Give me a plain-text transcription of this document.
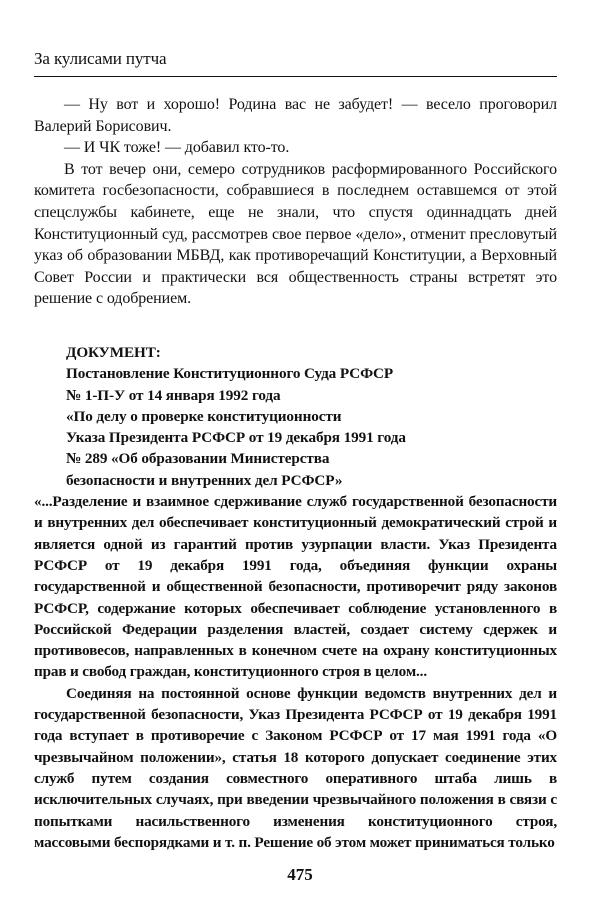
За кулисами путча

— Ну вот и хорошо! Родина вас не забудет! — весело проговорил Валерий Борисович.

— И ЧК тоже! — добавил кто-то.

В тот вечер они, семеро сотрудников расформированного Российского комитета госбезопасности, собравшиеся в последнем оставшемся от этой спецслужбы кабинете, еще не знали, что спустя одиннадцать дней Конституционный суд, рассмотрев свое первое «дело», отменит пресловутый указ об образовании МБВД, как противоречащий Конституции, а Верховный Совет России и практически вся общественность страны встретят это решение с одобрением.

ДОКУМЕНТ:

Постановление Конституционного Суда РСФСР

№ 1-П-У от 14 января 1992 года

«По делу о проверке конституционности

Указа Президента РСФСР от 19 декабря 1991 года

№ 289 «Об образовании Министерства

безопасности и внутренних дел РСФСР»

«...Разделение и взаимное сдерживание служб государственной безопасности и внутренних дел обеспечивает конституционный демократический строй и является одной из гарантий против узурпации власти. Указ Президента РСФСР от 19 декабря 1991 года, объединяя функции охраны государственной и общественной безопасности, противоречит ряду законов РСФСР, содержание которых обеспечивает соблюдение установленного в Российской Федерации разделения властей, создает систему сдержек и противовесов, направленных в конечном счете на охрану конституционных прав и свобод граждан, конституционного строя в целом...

Соединяя на постоянной основе функции ведомств внутренних дел и государственной безопасности, Указ Президента РСФСР от 19 декабря 1991 года вступает в противоречие с Законом РСФСР от 17 мая 1991 года «О чрезвычайном положении», статья 18 которого допускает соединение этих служб путем создания совместного оперативного штаба лишь в исключительных случаях, при введении чрезвычайного положения в связи с попытками насильственного изменения конституционного строя, массовыми беспорядками и т. п. Решение об этом может приниматься только

475
